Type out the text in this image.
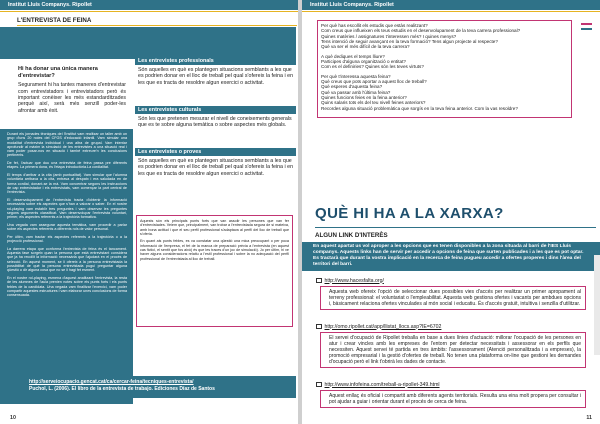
Institut Lluís Companys. Ripollet
L'ENTREVISTA DE FEINA
Hi ha donar una única manera d'entrevistar?

Segurament hi ha tantes maneres d'entrevistar com entrevistadors i entrevistadors però és important conèixer les més estandarditzades perquè així, serà més senzill poder-les afrontar amb èxit.

Durant els jornades tècniques del l'Institut vam realitzar un taller amb un grup d'uns 20 noies del CFGS d'educació infantil. Vam simular una modalitat d'entrevista individual i una altra de grupal. Vam intentar aprofundir al màxim la simulació de les entrevistes a una situació real i vam poder posar-nos en situació i també extreure'n les conclusions pertinents.

De fet, l'actuar que duu una entrevista de feina passa pre diferents etapes. La primera dona, és l'etapa introductòria.La cordialitat.

El temps d'arribar a la cita (amb puntualitat). Vam simular que l'alumna voluntària arribava a la cita, entrava al despatx i era saludada en de forma cordial, donant-se la mà. Vam concentrar segons les instruccions de cap entrevistador i els entrevistats, vam començar la part central de l'entrevista.

El desenvolupament de l'entrevista tracta d'obtenir la informació necessària sobre els aspectes que s'han a valorar o saber. En el nostre rol-playing vam establir tres preguntes i vam observar les preguntes segons arguments classificat. Vam desenvolupar l'entrevista voluntari, primer, els aspectes referents a la trajectòria formativa.

Una vegada vam assegurar aquesta temàtica, vam procedir a parlar sobre els aspectes referents a diferents rols de valor personal.

Per últim, vam tractar els aspectes referents a la trajectòria o a la projecció professional.

La darrera etapa que conforma l'entrevista de feina és el tancament. Aquesta fase sorgeix quan la persona que està entrevistant considera que ja ha recollit la informació necessària que l'ajudarà en el procés de selecció. En aquest moment, se li ofereix a la persona entrevistada la possibilitat de què la persona entrevistada pugui preguntar alguna qüestió o dir alguna cosa que no se li hagi fet esment.

En el nostre rol-playing, esmena d'aquest analitzant l'entrevista, la resta de les alumnes de l'aula prenien notes sobre els punts forts i els punts febles de la candidata. Una vegada vam finalitzar l'exercici, vam poder compartir aquestes estructures i vam elaborar unes conclusions de forma consensuada.

Les entrevistes professionals
Són aquelles en què es plantegen situacions semblants a les que es podrien donar en el lloc de treball pel qual s'ofereix la feina i en les que es tracta de resoldre algun exercici o activitat.
Les entrevistes culturals
Són les que pretenen mesurar el nivell de coneixements generals que es te sobre alguna temàtica o sobre aspectes més globals.
Les entrevistes o proves
Són aquelles en què es plantegen situacions semblants a les que es podrien donar en el lloc de treball pel qual s'ofereix la feina i en les que es tracta de resoldre algun exercici o activitat.

Aquests són els principals punts forts que van assolir les persones que van fer d'entrevistades. Veiem que, principalment, van trobar a l'entrevistada segura de si mateixa, amb bona actitud i que el seu perfil professional s'adaptava al perfil del lloc de treball que s'oferia.

En quant als punts febles, es va constatar una qüestió una mica preocupant o per poca informació de l'empresa, el fet de la manca de preparació prèvia a l'entrevista (en aquest cas fictici, el sentit que fos això) és que les traces d'un joc de simulació). Jo per últim, hi ve haver alguns consideracions relatiu a l'estil professional i sobre la no adequació del perfil professional de l'entrevistada al lloc de treball.

http://serveiocupacio.gencat.cat/ca/cercar-feina/tecniques-entrevista/
Puchol, L. (2006). El libro de la entrevista de trabajo. Ediciones Díaz de Santos
10
Institut Lluís Companys. Ripollet
Per què has escollit els estudis que estàs realitzant?
Com creus que influeixen els teus estudis en el desenvolupament de la teva carrera professional?
Quines matèries / assignatures t'interessen més? I quines menys?
Tens intenció de seguir avançant en la teva formació? Tens algun projecte al respecte?
Què va ser el més difícil de la teva carrera?
A què dediques el temps lliure?
Participes d'alguna organització o entitat?
Com es el definiries? Quines són les teves virtuts?
Per què t'interessa aquesta feina?
Què creus que pots aportar a aquest lloc de treball?
Què esperes d'aquesta feina?
Què va passar amb l'última feina?
Quines funcions feies en la feina anterior?
Quins salaris tots els del teu nivell feines anteriors?
Recordes alguna situació problemàtica que sorgís en la teva feina anterior. Com la vas resoldre?
QUÈ HI HA A LA XARXA?
ALGUN LINK D'INTERÈS
En aquest apartat us vol aproper a les opcions que es tenen disponibles a la zona situada al barri de l'IES Lluís companys. Aquests links han de servir per accedir a opcions de feina que surten publicades i a les que es pot optar. Es tractarà que durant la vostra implicació en la recerca de feina pugueu accedir a ofertes properes i dins l'àrea del territori del barri.
http://www.hacesfalta.org/
Aquesta web ofereix l'opció de seleccionar dues possibles vies d'accés per realitzar un primer apropament al terreny professional: el voluntariat o l'empleabilitat. Aquesta web gestiona ofertes i vacants per ambdues opcions i, bàsicament relaciona ofertes vinculades al món social i educatiu. És d'accés gratuït, intuïtiva i senzilla d'utilitzar.
http://omo.ripollet.cat/app/llistat_llocs.asp?IE=6702
El servei d'ocupació de Ripollet treballa en base a dues línies d'actuació: millorar l'ocupació de les persones en atur i crear vincles amb les empreses de l'entorn per detectar necessitats i assessorar en els perfils que necessiten. Aquest servei té partida en tres àmbits: l'assessorament (Atenció personalitzada i a empreses), la promoció empresarial i la gestió d'ofertes de treball. No tenen una plataforma on-line que gestioni les demandes d'ocupació però el link t'obrirà les dades de contacte.
http://www.infofeina.com/treball-a-ripollet-349.html
Aquest enllaç és oficial i compartit amb diferents agents territorials. Resulta una eina molt propera per consultar i pot ajudar a guiar i orientar durant el procés de cerca de feina.
11
